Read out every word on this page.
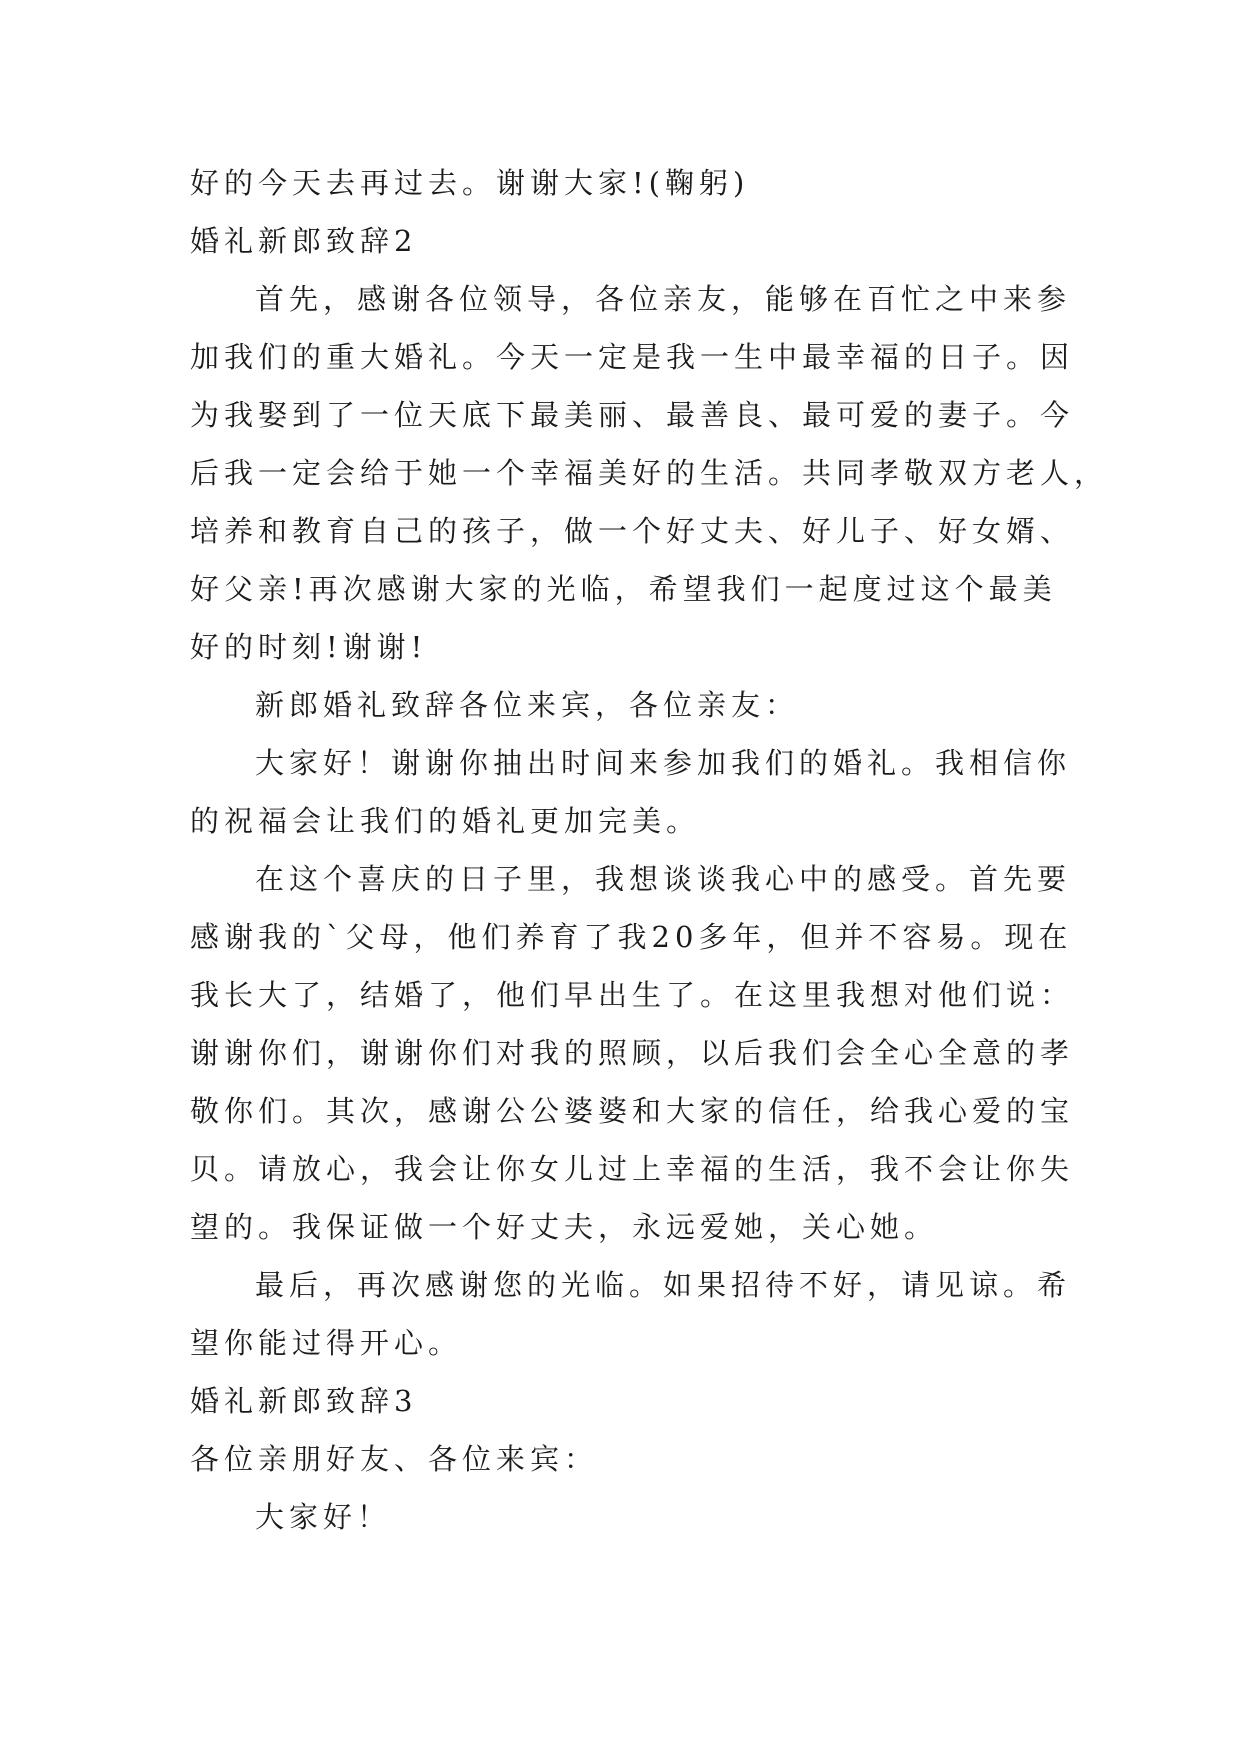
好的今天去再过去。谢谢大家!(鞠躬)

婚礼新郎致辞2

首先，感谢各位领导，各位亲友，能够在百忙之中来参

加我们的重大婚礼。今天一定是我一生中最幸福的日子。因

为我娶到了一位天底下最美丽、最善良、最可爱的妻子。今

后我一定会给于她一个幸福美好的生活。共同孝敬双方老人，

培养和教育自己的孩子，做一个好丈夫、好儿子、好女婿、

好父亲!再次感谢大家的光临，希望我们一起度过这个最美

好的时刻!谢谢!

新郎婚礼致辞各位来宾，各位亲友：

大家好！谢谢你抽出时间来参加我们的婚礼。我相信你

的祝福会让我们的婚礼更加完美。

在这个喜庆的日子里，我想谈谈我心中的感受。首先要

感谢我的`父母，他们养育了我20多年，但并不容易。现在

我长大了，结婚了，他们早出生了。在这里我想对他们说：

谢谢你们，谢谢你们对我的照顾，以后我们会全心全意的孝

敬你们。其次，感谢公公婆婆和大家的信任，给我心爱的宝

贝。请放心，我会让你女儿过上幸福的生活，我不会让你失

望的。我保证做一个好丈夫，永远爱她，关心她。

最后，再次感谢您的光临。如果招待不好，请见谅。希

望你能过得开心。

婚礼新郎致辞3

各位亲朋好友、各位来宾：

大家好！
